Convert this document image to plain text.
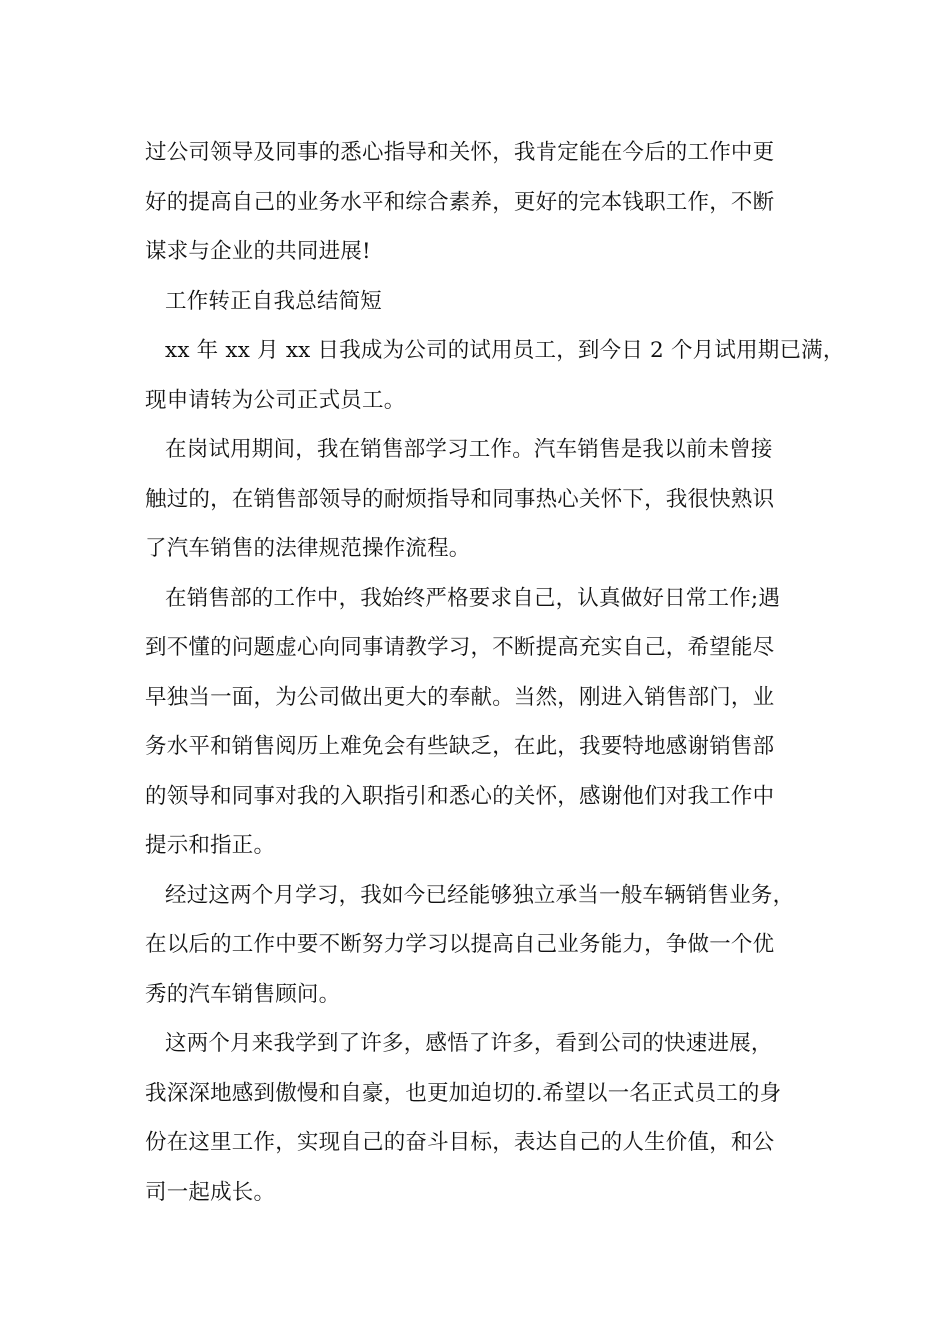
过公司领导及同事的悉心指导和关怀，我肯定能在今后的工作中更
好的提高自己的业务水平和综合素养，更好的完本钱职工作，不断
谋求与企业的共同进展!
工作转正自我总结简短
xx 年 xx 月 xx 日我成为公司的试用员工，到今日 2 个月试用期已满，
现申请转为公司正式员工。
在岗试用期间，我在销售部学习工作。汽车销售是我以前未曾接
触过的，在销售部领导的耐烦指导和同事热心关怀下，我很快熟识
了汽车销售的法律规范操作流程。
在销售部的工作中，我始终严格要求自己，认真做好日常工作;遇
到不懂的问题虚心向同事请教学习，不断提高充实自己，希望能尽
早独当一面，为公司做出更大的奉献。当然，刚进入销售部门，业
务水平和销售阅历上难免会有些缺乏，在此，我要特地感谢销售部
的领导和同事对我的入职指引和悉心的关怀，感谢他们对我工作中
提示和指正。
经过这两个月学习，我如今已经能够独立承当一般车辆销售业务，
在以后的工作中要不断努力学习以提高自己业务能力，争做一个优
秀的汽车销售顾问。
这两个月来我学到了许多，感悟了许多，看到公司的快速进展，
我深深地感到傲慢和自豪，也更加迫切的.希望以一名正式员工的身
份在这里工作，实现自己的奋斗目标，表达自己的人生价值，和公
司一起成长。
